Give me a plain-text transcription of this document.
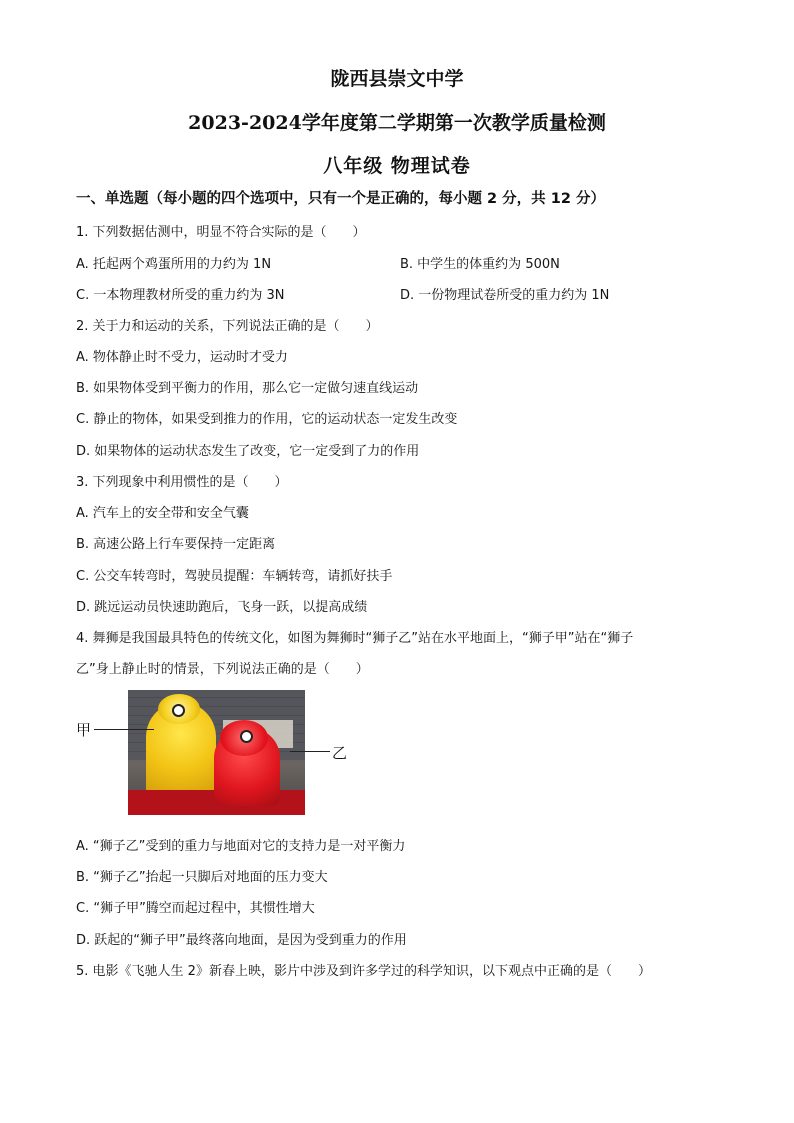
陇西县崇文中学
2023-2024学年度第二学期第一次教学质量检测
八年级 物理试卷
一、单选题（每小题的四个选项中，只有一个是正确的，每小题 2 分，共 12 分）
1. 下列数据估测中，明显不符合实际的是（　　）
A. 托起两个鸡蛋所用的力约为 1N	B. 中学生的体重约为 500N
C. 一本物理教材所受的重力约为 3N	D. 一份物理试卷所受的重力约为 1N
2. 关于力和运动的关系，下列说法正确的是（　　）
A. 物体静止时不受力，运动时才受力
B. 如果物体受到平衡力的作用，那么它一定做匀速直线运动
C. 静止的物体，如果受到推力的作用，它的运动状态一定发生改变
D. 如果物体的运动状态发生了改变，它一定受到了力的作用
3. 下列现象中利用惯性的是（　　）
A. 汽车上的安全带和安全气囊
B. 高速公路上行车要保持一定距离
C. 公交车转弯时，驾驶员提醒：车辆转弯，请抓好扶手
D. 跳远运动员快速助跑后，飞身一跃，以提高成绩
4. 舞狮是我国最具特色的传统文化，如图为舞狮时“狮子乙”站在水平地面上，“狮子甲”站在“狮子
乙”身上静止时的情景，下列说法正确的是（　　）
甲
乙
A. “狮子乙”受到的重力与地面对它的支持力是一对平衡力
B. “狮子乙”抬起一只脚后对地面的压力变大
C. “狮子甲”腾空而起过程中，其惯性增大
D. 跃起的“狮子甲”最终落向地面，是因为受到重力的作用
5. 电影《飞驰人生 2》新春上映，影片中涉及到许多学过的科学知识，以下观点中正确的是（　　）
